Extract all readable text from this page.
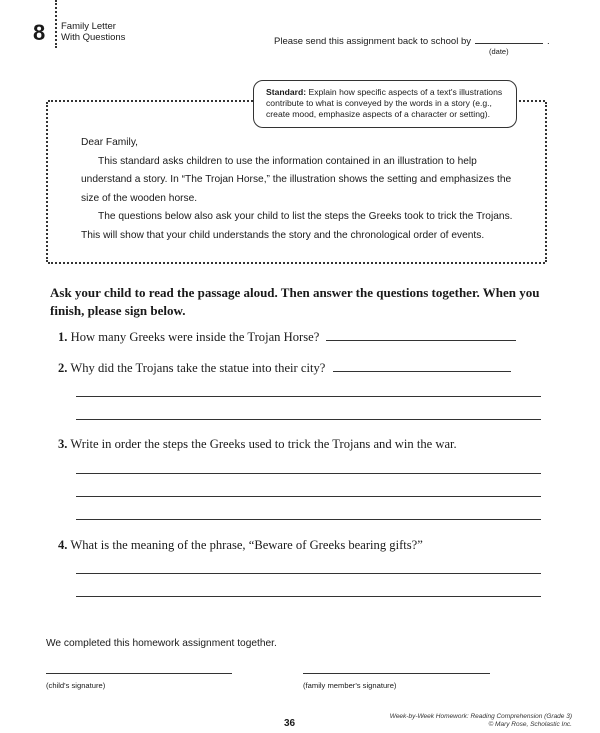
8 Family Letter
With Questions	Please send this assignment back to school by	.
(date)
Standard: Explain how specific aspects of a text's illustrations contribute to what is conveyed by the words in a story (e.g., create mood, emphasize aspects of a character or setting).

Dear Family,

This standard asks children to use the information contained in an illustration to help understand a story. In “The Trojan Horse,” the illustration shows the setting and emphasizes the size of the wooden horse.

The questions below also ask your child to list the steps the Greeks took to trick the Trojans. This will show that your child understands the story and the chronological order of events.

Ask your child to read the passage aloud. Then answer the questions together. When you finish, please sign below.
1. How many Greeks were inside the Trojan Horse?
2. Why did the Trojans take the statue into their city?
3. Write in order the steps the Greeks used to trick the Trojans and win the war.
4. What is the meaning of the phrase, “Beware of Greeks bearing gifts?”
We completed this homework assignment together.
(child's signature)	(family member's signature)
36
Week-by-Week Homework: Reading Comprehension (Grade 3)
© Mary Rose, Scholastic Inc.
